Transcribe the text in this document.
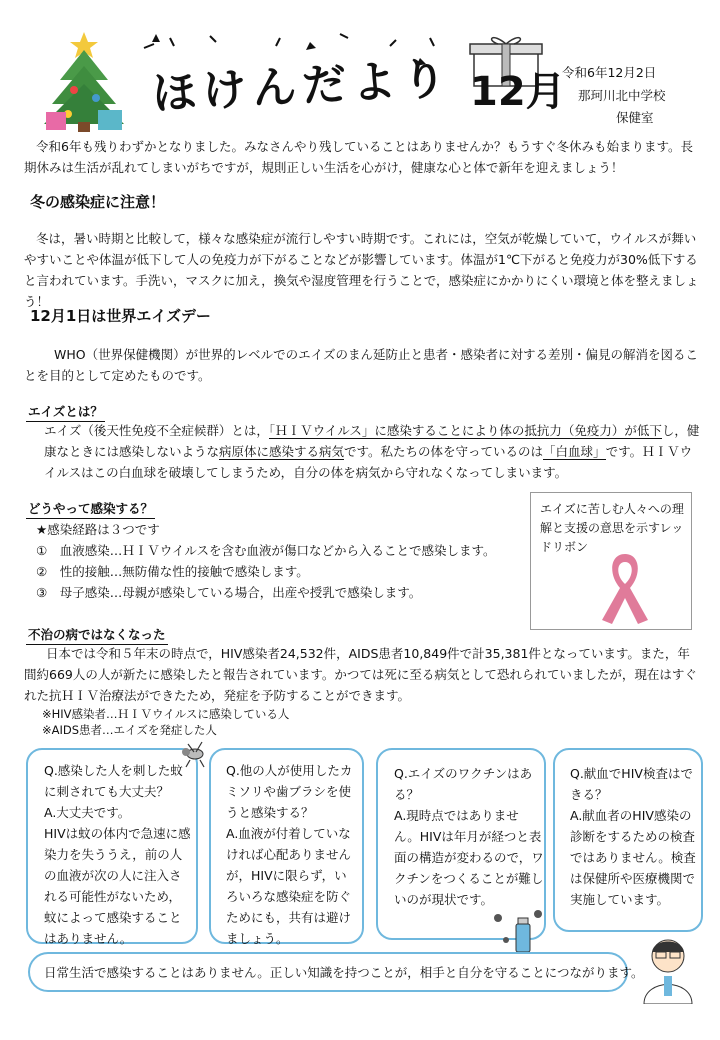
ほけんだより 12月
令和6年12月2日
那珂川北中学校
保健室

令和6年も残りわずかとなりました。みなさんやり残していることはありませんか？もうすぐ冬休みも始まります。長期休みは生活が乱れてしまいがちですが，規則正しい生活を心がけ，健康な心と体で新年を迎えましょう！

冬の感染症に注意！

冬は，暑い時期と比較して，様々な感染症が流行しやすい時期です。これには，空気が乾燥していて，ウイルスが舞いやすいことや体温が低下して人の免疫力が下がることなどが影響しています。体温が1℃下がると免疫力が30%低下すると言われています。手洗い，マスクに加え，換気や湿度管理を行うことで，感染症にかかりにくい環境と体を整えましょう！

12月1日は世界エイズデー

WHO（世界保健機関）が世界的レベルでのエイズのまん延防止と患者・感染者に対する差別・偏見の解消を図ることを目的として定めたものです。

エイズとは？

エイズ（後天性免疫不全症候群）とは，「ＨＩＶウイルス」に感染することにより体の抵抗力（免疫力）が低下し，健康なときには感染しないような病原体に感染する病気です。私たちの体を守っているのは「白血球」です。ＨＩＶウイルスはこの白血球を破壊してしまうため，自分の体を病気から守れなくなってしまいます。

どうやって感染する？
★感染経路は３つです
①　血液感染…ＨＩＶウイルスを含む血液が傷口などから入ることで感染します。
②　性的接触…無防備な性的接触で感染します。
③　母子感染…母親が感染している場合，出産や授乳で感染します。
エイズに苦しむ人々への理解と支援の意思を示すレッドリボン
不治の病ではなくなった

日本では令和５年末の時点で，HIV感染者24,532件，AIDS患者10,849件で計35,381件となっています。また，年間約669人の人が新たに感染したと報告されています。かつては死に至る病気として恐れられていましたが，現在はすぐれた抗ＨＩＶ治療法ができたため，発症を予防することができます。

※HIV感染者…ＨＩＶウイルスに感染している人
※AIDS患者…エイズを発症した人
Q.感染した人を刺した蚊に刺されても大丈夫？
A.大丈夫です。
HIVは蚊の体内で急速に感染力を失ううえ，前の人の血液が次の人に注入される可能性がないため，蚊によって感染することはありません。
Q.他の人が使用したカミソリや歯ブラシを使うと感染する？
A.血液が付着していなければ心配ありませんが，HIVに限らず，いろいろな感染症を防ぐためにも，共有は避けましょう。
Q.エイズのワクチンはある？
A.現時点ではありません。HIVは年月が経つと表面の構造が変わるので，ワクチンをつくることが難しいのが現状です。
Q.献血でHIV検査はできる？
A.献血者のHIV感染の診断をするための検査ではありません。検査は保健所や医療機関で実施しています。
日常生活で感染することはありません。正しい知識を持つことが，相手と自分を守ることにつながります。
